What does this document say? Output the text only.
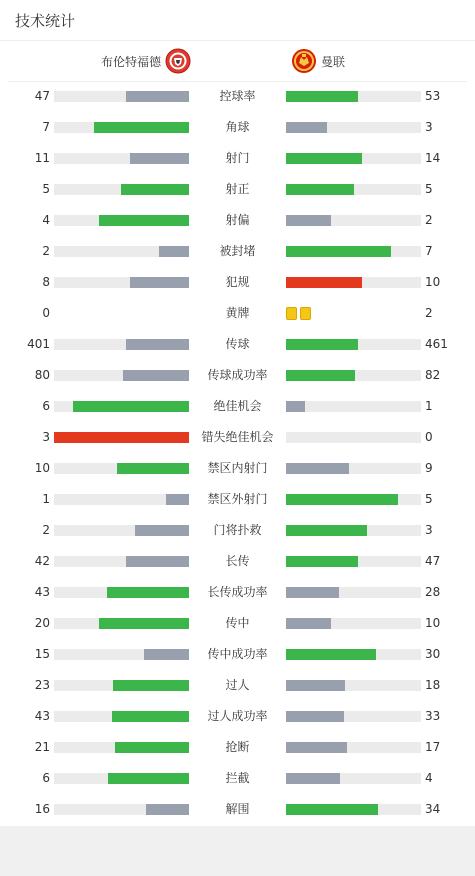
技术统计
布伦特福德	曼联
47	控球率	53
7	角球	3
11	射门	14
5	射正	5
4	射偏	2
2	被封堵	7
8	犯规	10
0	黄牌	2
401	传球	461
80	传球成功率	82
6	绝佳机会	1
3	错失绝佳机会	0
10	禁区内射门	9
1	禁区外射门	5
2	门将扑救	3
42	长传	47
43	长传成功率	28
20	传中	10
15	传中成功率	30
23	过人	18
43	过人成功率	33
21	抢断	17
6	拦截	4
16	解围	34
